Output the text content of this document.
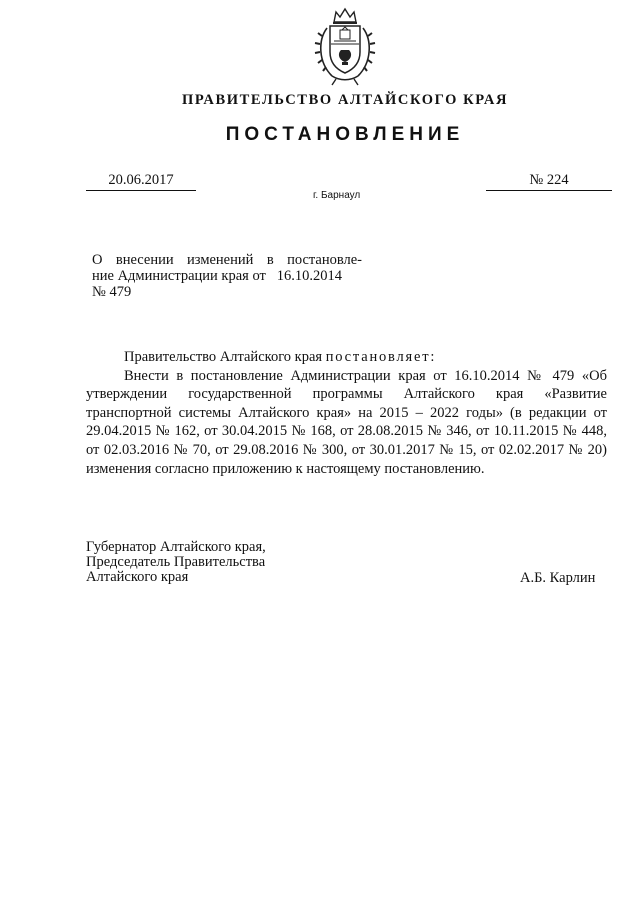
ПРАВИТЕЛЬСТВО АЛТАЙСКОГО КРАЯ
ПОСТАНОВЛЕНИЕ
20.06.2017	№ 224
г. Барнаул
О внесении изменений в постановле-
ние Администрации края от   16.10.2014
№ 479
Правительство Алтайского края постановляет:
Внести в постановление Администрации края от 16.10.2014 № 479 «Об утверждении государственной программы Алтайского края «Развитие транспортной системы Алтайского края» на 2015 – 2022 годы» (в редакции от 29.04.2015 № 162, от 30.04.2015 № 168, от 28.08.2015 № 346, от 10.11.2015 № 448, от 02.03.2016 № 70, от 29.08.2016 № 300, от 30.01.2017 № 15, от 02.02.2017 № 20) изменения согласно приложению к настоящему постановлению.
Губернатор Алтайского края,
Председатель Правительства
Алтайского края	А.Б. Карлин
